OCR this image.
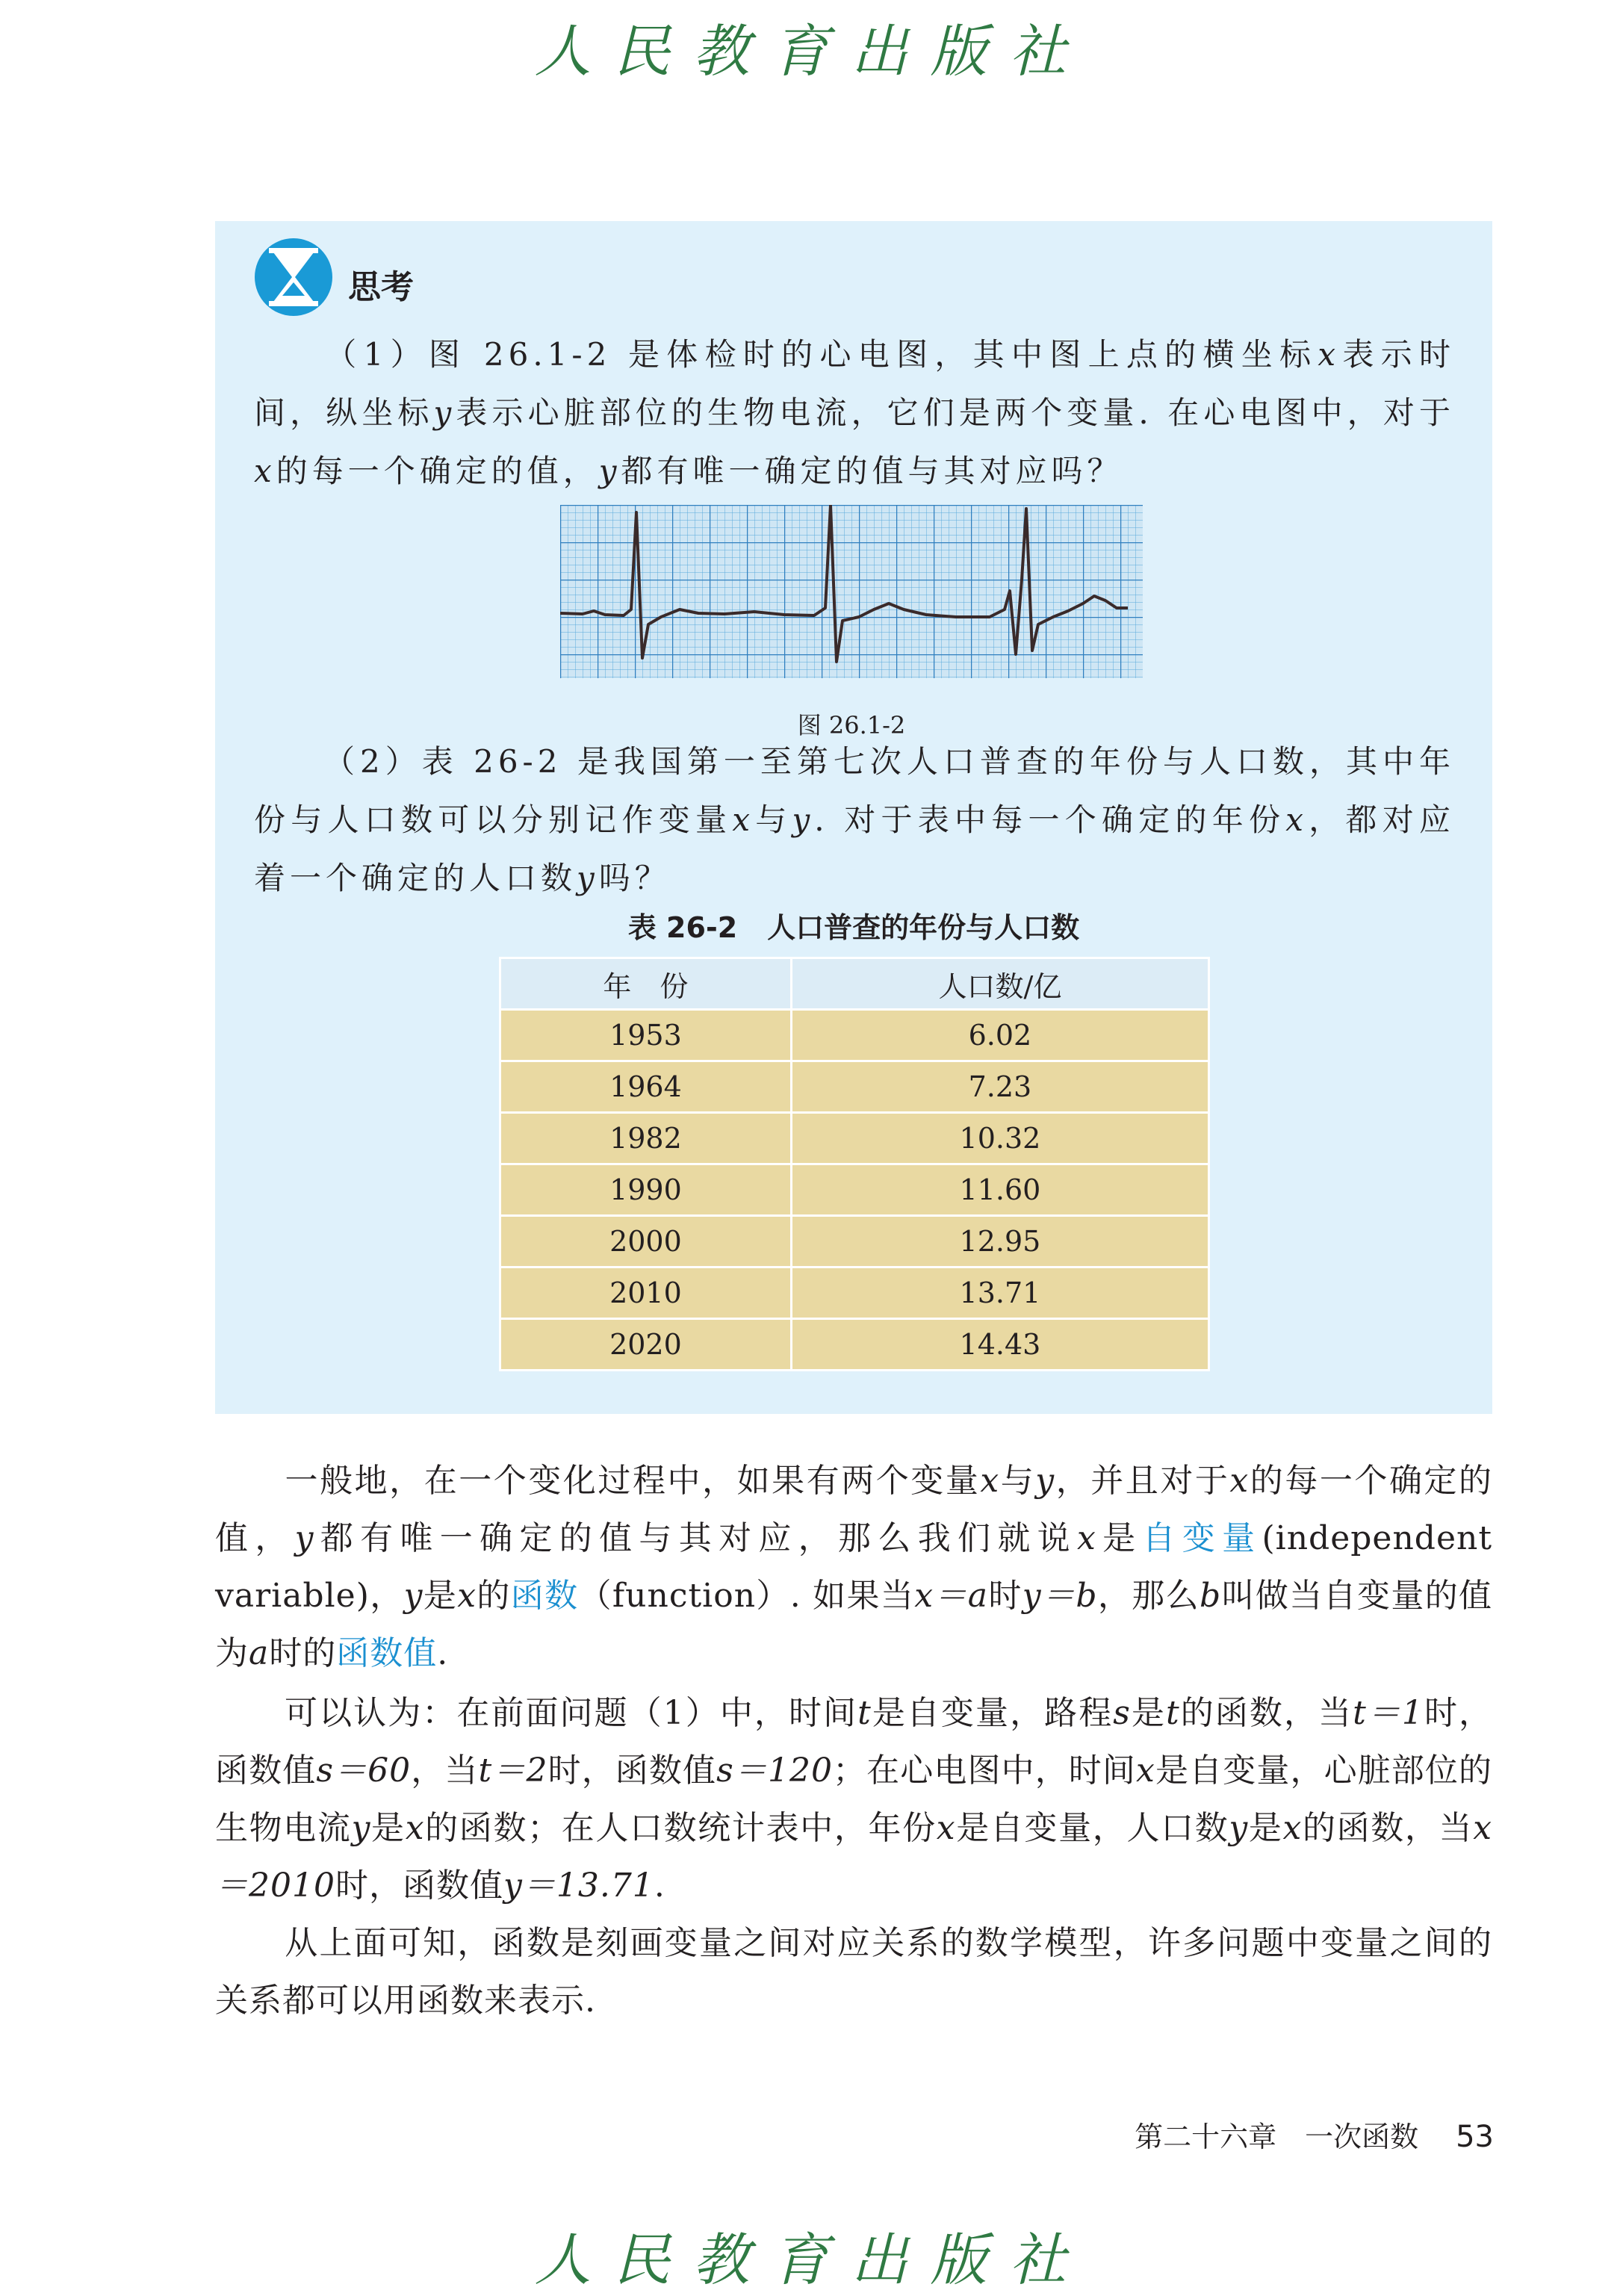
人民教育出版社
思考
（1）图 26.1-2 是体检时的心电图，其中图上点的横坐标x表示时间，纵坐标y表示心脏部位的生物电流，它们是两个变量. 在心电图中，对于x的每一个确定的值，y都有唯一确定的值与其对应吗？
图 26.1-2
（2）表 26-2 是我国第一至第七次人口普查的年份与人口数，其中年份与人口数可以分别记作变量x与y. 对于表中每一个确定的年份x，都对应着一个确定的人口数y吗？
表 26-2 人口普查的年份与人口数
年　份	人口数/亿
1953	6.02
1964	7.23
1982	10.32
1990	11.60
2000	12.95
2010	13.71
2020	14.43
一般地，在一个变化过程中，如果有两个变量x与y，并且对于x的每一个确定的值，y都有唯一确定的值与其对应，那么我们就说x是自变量(independent variable)，y是x的函数（function）. 如果当x＝a时y＝b，那么b叫做当自变量的值为a时的函数值.
可以认为：在前面问题（1）中，时间t是自变量，路程s是t的函数，当t＝1时，函数值s＝60，当t＝2时，函数值s＝120；在心电图中，时间x是自变量，心脏部位的生物电流y是x的函数；在人口数统计表中，年份x是自变量，人口数y是x的函数，当x＝2010时，函数值y＝13.71.
从上面可知，函数是刻画变量之间对应关系的数学模型，许多问题中变量之间的关系都可以用函数来表示.
第二十六章　一次函数 53
人民教育出版社
